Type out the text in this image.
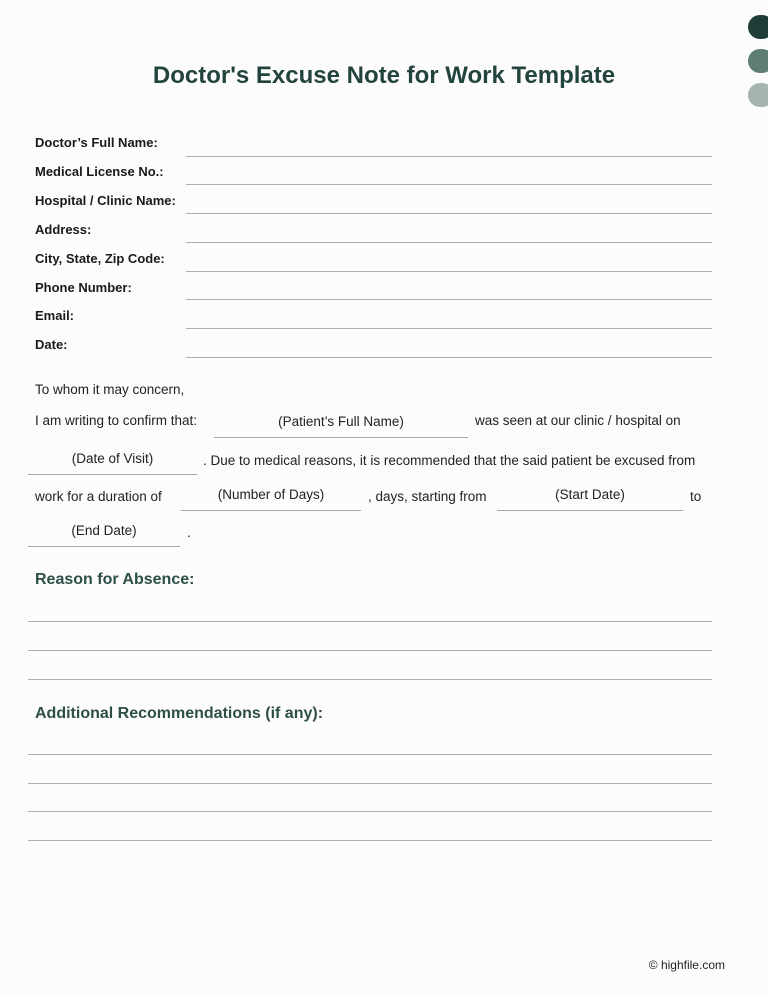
Doctor's Excuse Note for Work Template
Doctor’s Full Name:
Medical License No.:
Hospital / Clinic Name:
Address:
City, State, Zip Code:
Phone Number:
Email:
Date:
To whom it may concern,
I am writing to confirm that:	(Patient’s Full Name)	was seen at our clinic / hospital on
(Date of Visit)	. Due to medical reasons, it is recommended that the said patient be excused from
work for a duration of	(Number of Days)	, days, starting from	(Start Date)	to
(End Date)	.
Reason for Absence:
Additional Recommendations (if any):
© highfile.com
